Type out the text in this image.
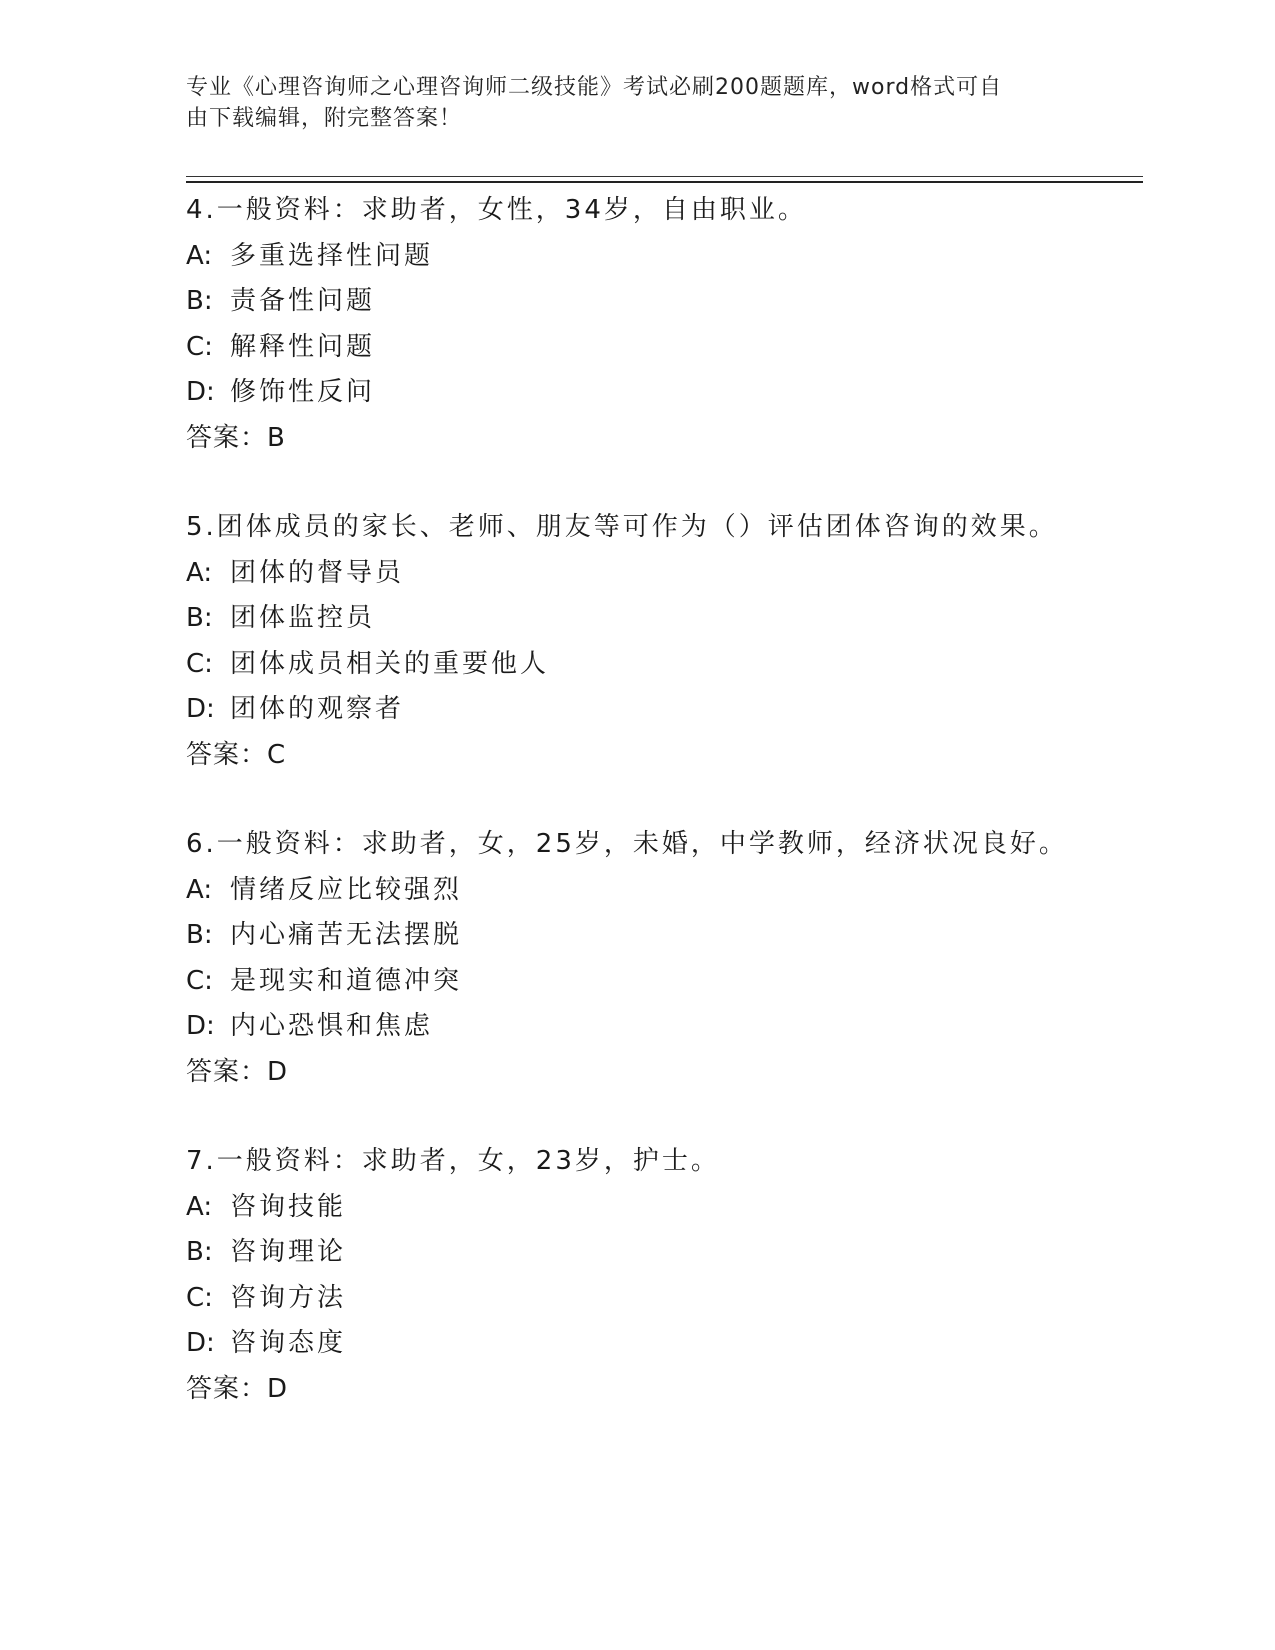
专业《心理咨询师之心理咨询师二级技能》考试必刷200题题库，word格式可自
由下载编辑，附完整答案！
4.一般资料：求助者，女性，34岁，自由职业。
A: 多重选择性问题
B: 责备性问题
C: 解释性问题
D: 修饰性反问
答案：B
5.团体成员的家长、老师、朋友等可作为（）评估团体咨询的效果。
A: 团体的督导员
B: 团体监控员
C: 团体成员相关的重要他人
D: 团体的观察者
答案：C
6.一般资料：求助者，女，25岁，未婚，中学教师，经济状况良好。
A: 情绪反应比较强烈
B: 内心痛苦无法摆脱
C: 是现实和道德冲突
D: 内心恐惧和焦虑
答案：D
7.一般资料：求助者，女，23岁，护士。
A: 咨询技能
B: 咨询理论
C: 咨询方法
D: 咨询态度
答案：D
